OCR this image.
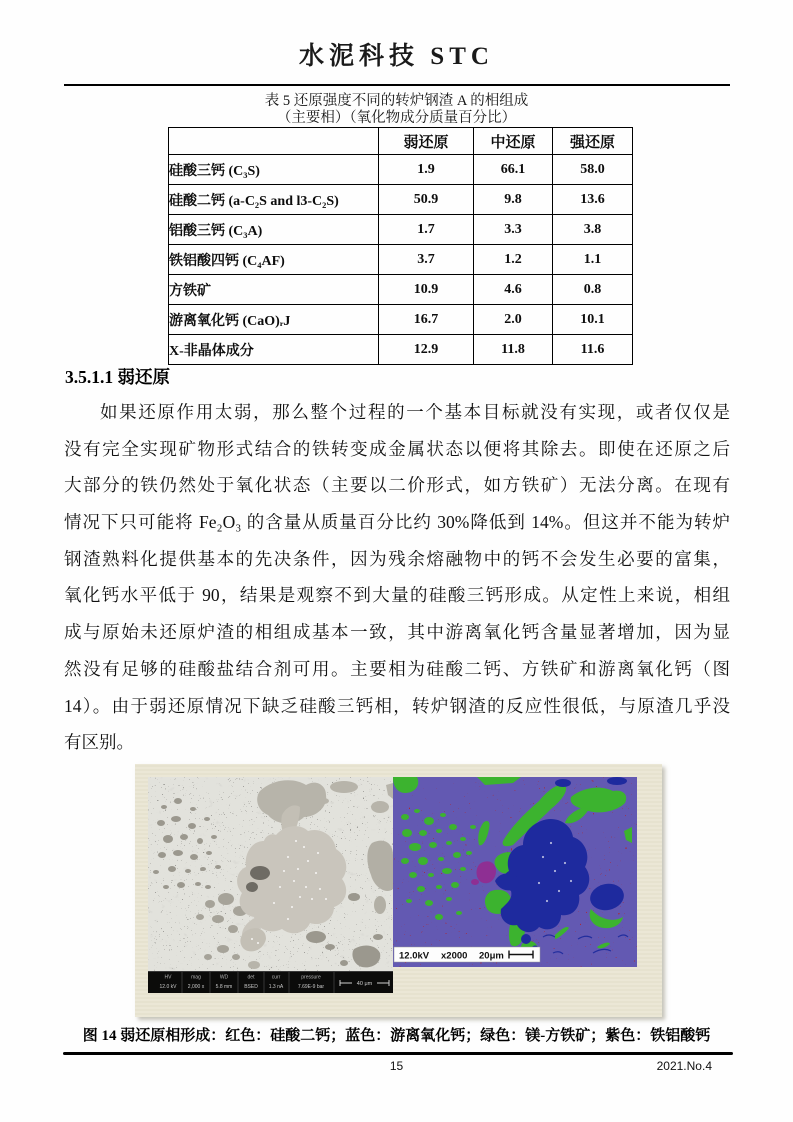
水泥科技 STC
表 5 还原强度不同的转炉钢渣 A 的相组成
（主要相）（氧化物成分质量百分比）
	弱还原	中还原	强还原
硅酸三钙 (C₃S)	1.9	66.1	58.0
硅酸二钙 (a-C₂S and l3-C₂S)	50.9	9.8	13.6
铝酸三钙 (C₃A)	1.7	3.3	3.8
铁铝酸四钙 (C₄AF)	3.7	1.2	1.1
方铁矿	10.9	4.6	0.8
游离氧化钙 (CaO)ᵣJ	16.7	2.0	10.1
X-非晶体成分	12.9	11.8	11.6
3.5.1.1 弱还原
如果还原作用太弱，那么整个过程的一个基本目标就没有实现，或者仅仅是
没有完全实现矿物形式结合的铁转变成金属状态以便将其除去。即使在还原之后
大部分的铁仍然处于氧化状态（主要以二价形式，如方铁矿）无法分离。在现有
情况下只可能将 Fe₂O₃ 的含量从质量百分比约 30%降低到 14%。但这并不能为转炉
钢渣熟料化提供基本的先决条件，因为残余熔融物中的钙不会发生必要的富集，
氧化钙水平低于 90，结果是观察不到大量的硅酸三钙形成。从定性上来说，相组
成与原始未还原炉渣的相组成基本一致，其中游离氧化钙含量显著增加，因为显
然没有足够的硅酸盐结合剂可用。主要相为硅酸二钙、方铁矿和游离氧化钙（图
14）。由于弱还原情况下缺乏硅酸三钙相，转炉钢渣的反应性很低，与原渣几乎没
有区别。
HV	mag	WD	det	curr	pressure
12.0 kV 2,000 x 5.8 mm BSED 1.3 nA	7.69E-9 bar	40 μm
12.0kV x2000 20μm
图 14 弱还原相形成：红色：硅酸二钙；蓝色：游离氧化钙；绿色：镁-方铁矿；紫色：铁铝酸钙
15	2021.No.4
